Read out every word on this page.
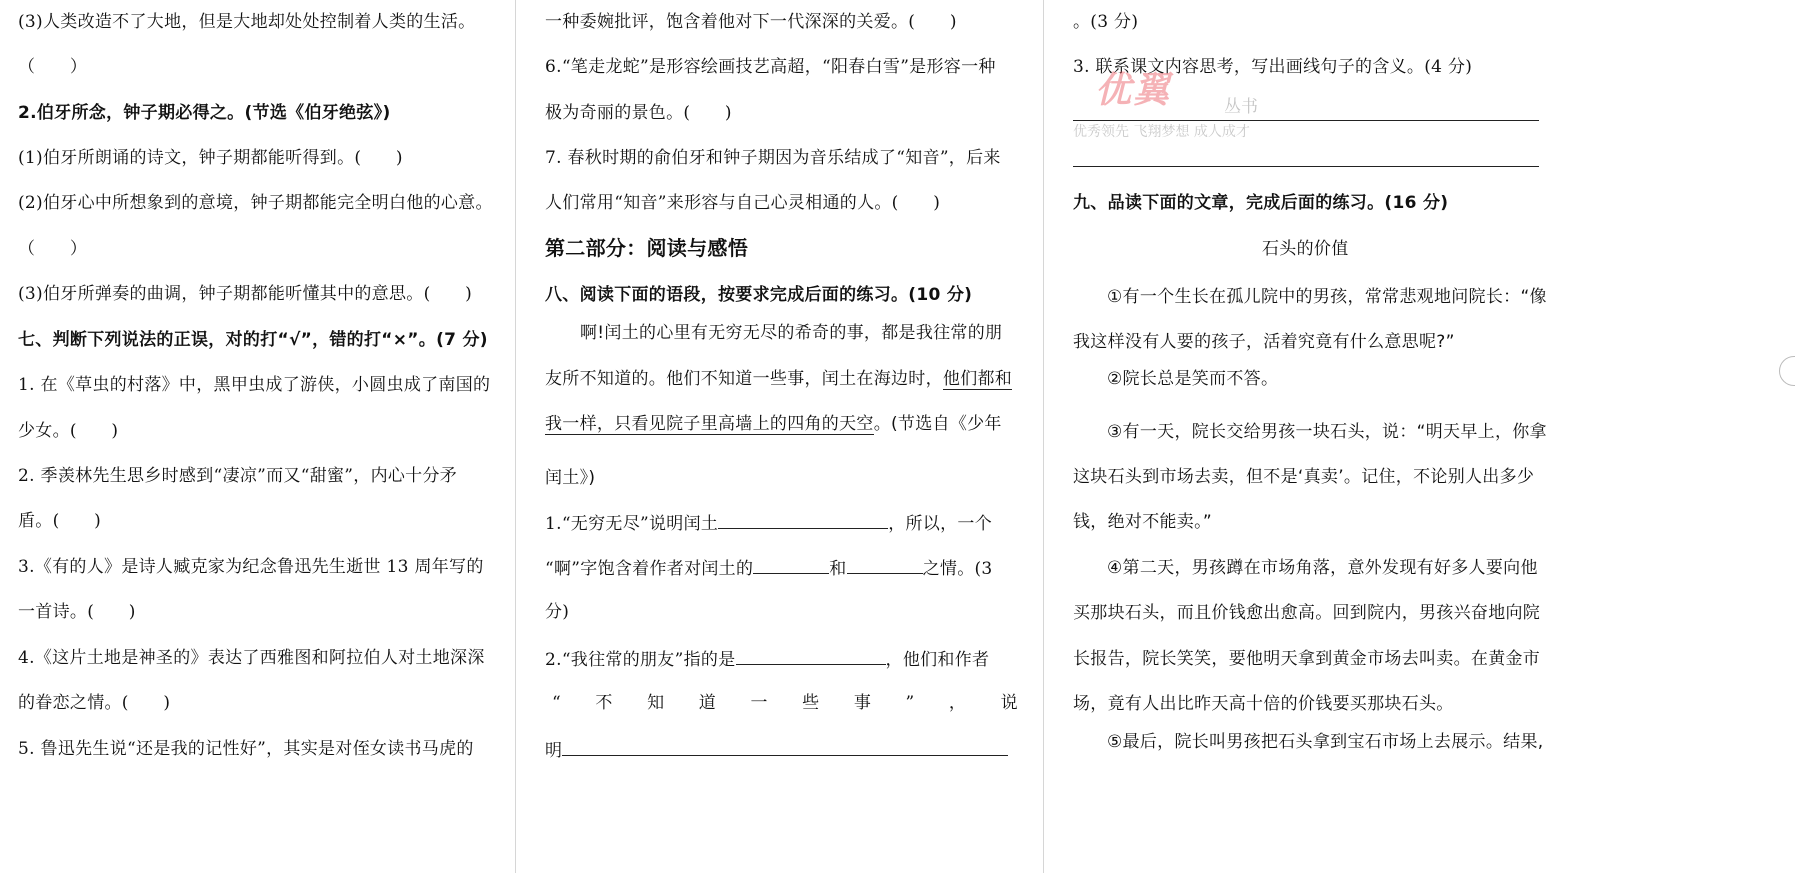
(3)人类改造不了大地，但是大地却处处控制着人类的生活。
（　　）
2.伯牙所念，钟子期必得之。(节选《伯牙绝弦》)
(1)伯牙所朗诵的诗文，钟子期都能听得到。(　　)
(2)伯牙心中所想象到的意境，钟子期都能完全明白他的心意。
（　　）
(3)伯牙所弹奏的曲调，钟子期都能听懂其中的意思。(　　)
七、判断下列说法的正误，对的打“√”，错的打“×”。(7 分)
1. 在《草虫的村落》中，黑甲虫成了游侠，小圆虫成了南国的
少女。(　　)
2. 季羡林先生思乡时感到“凄凉”而又“甜蜜”，内心十分矛
盾。(　　)
3.《有的人》是诗人臧克家为纪念鲁迅先生逝世 13 周年写的
一首诗。(　　)
4.《这片土地是神圣的》表达了西雅图和阿拉伯人对土地深深
的眷恋之情。(　　)
5. 鲁迅先生说“还是我的记性好”，其实是对侄女读书马虎的
一种委婉批评，饱含着他对下一代深深的关爱。(　　)
6.“笔走龙蛇”是形容绘画技艺高超，“阳春白雪”是形容一种
极为奇丽的景色。(　　)
7. 春秋时期的俞伯牙和钟子期因为音乐结成了“知音”，后来
人们常用“知音”来形容与自己心灵相通的人。(　　)
第二部分：阅读与感悟
八、阅读下面的语段，按要求完成后面的练习。(10 分)
啊!闰土的心里有无穷无尽的希奇的事，都是我往常的朋
友所不知道的。他们不知道一些事，闰土在海边时，他们都和
我一样，只看见院子里高墙上的四角的天空。(节选自《少年
闰土》)
1.“无穷无尽”说明闰土	，所以，一个
“啊”字饱含着作者对闰土的	和	之情。(3
分)
2.“我往常的朋友”指的是	，他们和作者
“ 不 知 道 一 些 事 ” ， 说
明
。(3 分)
3. 联系课文内容思考，写出画线句子的含义。(4 分)
优翼	丛书
优秀领先 飞翔梦想 成人成才
九、品读下面的文章，完成后面的练习。(16 分)
石头的价值
①有一个生长在孤儿院中的男孩，常常悲观地问院长：“像
我这样没有人要的孩子，活着究竟有什么意思呢?”
②院长总是笑而不答。
③有一天，院长交给男孩一块石头，说：“明天早上，你拿
这块石头到市场去卖，但不是‘真卖’。记住，不论别人出多少
钱，绝对不能卖。”
④第二天，男孩蹲在市场角落，意外发现有好多人要向他
买那块石头，而且价钱愈出愈高。回到院内，男孩兴奋地向院
长报告，院长笑笑，要他明天拿到黄金市场去叫卖。在黄金市
场，竟有人出比昨天高十倍的价钱要买那块石头。
⑤最后，院长叫男孩把石头拿到宝石市场上去展示。结果,
